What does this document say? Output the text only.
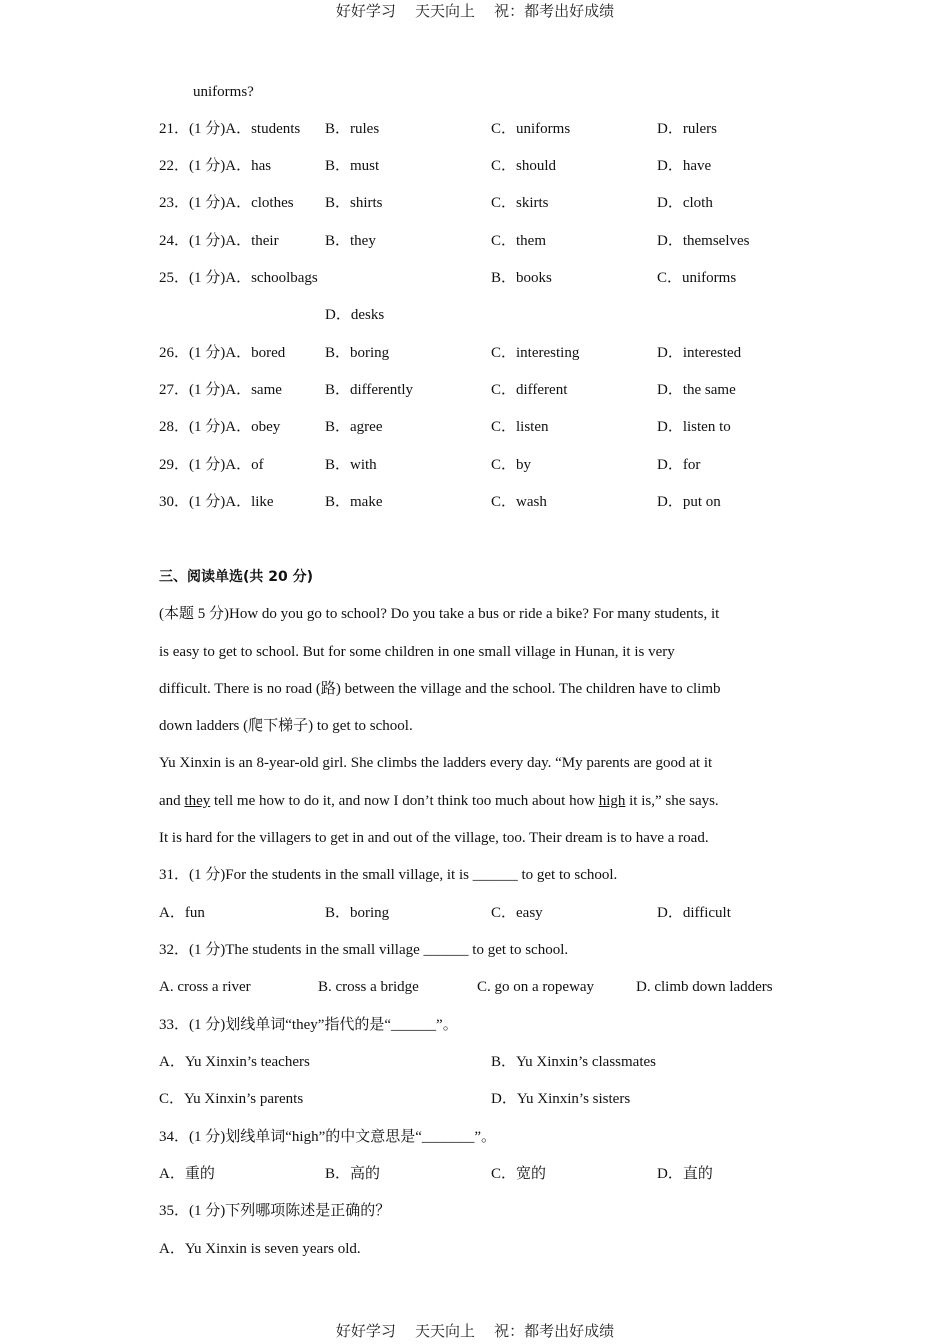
好好学习    天天向上    祝：都考出好成绩
uniforms?
21．(1 分)A．students B．rules	C．uniforms	D．rulers
22．(1 分)A．has	B．must	C．should	D．have
23．(1 分)A．clothes B．shirts	C．skirts	D．cloth
24．(1 分)A．their	B．they	C．them	D．themselves
25．(1 分)A．schoolbags	B．books	C．uniforms
D．desks
26．(1 分)A．bored	B．boring	C．interesting	D．interested
27．(1 分)A．same	B．differently	C．different	D．the same
28．(1 分)A．obey	B．agree	C．listen	D．listen to
29．(1 分)A．of	B．with	C．by	D．for
30．(1 分)A．like	B．make	C．wash	D．put on
三、阅读单选(共 20 分)
(本题 5 分)How do you go to school? Do you take a bus or ride a bike? For many students, it
is easy to get to school. But for some children in one small village in Hunan, it is very
difficult. There is no road (路) between the village and the school. The children have to climb
down ladders (爬下梯子) to get to school.
Yu Xinxin is an 8-year-old girl. She climbs the ladders every day. “My parents are good at it
and they tell me how to do it, and now I don’t think too much about how high it is,” she says.
It is hard for the villagers to get in and out of the village, too. Their dream is to have a road.
31．(1 分)For the students in the small village, it is ______ to get to school.
A．fun	B．boring	C．easy	D．difficult
32．(1 分)The students in the small village ______ to get to school.
A. cross a river	B. cross a bridge	C. go on a ropeway	D. climb down ladders
33．(1 分)划线单词“they”指代的是“______”。
A．Yu Xinxin’s teachers	B．Yu Xinxin’s classmates
C．Yu Xinxin’s parents	D．Yu Xinxin’s sisters
34．(1 分)划线单词“high”的中文意思是“_______”。
A．重的	B．高的	C．宽的	D．直的
35．(1 分)下列哪项陈述是正确的？
A．Yu Xinxin is seven years old.
好好学习    天天向上    祝：都考出好成绩
